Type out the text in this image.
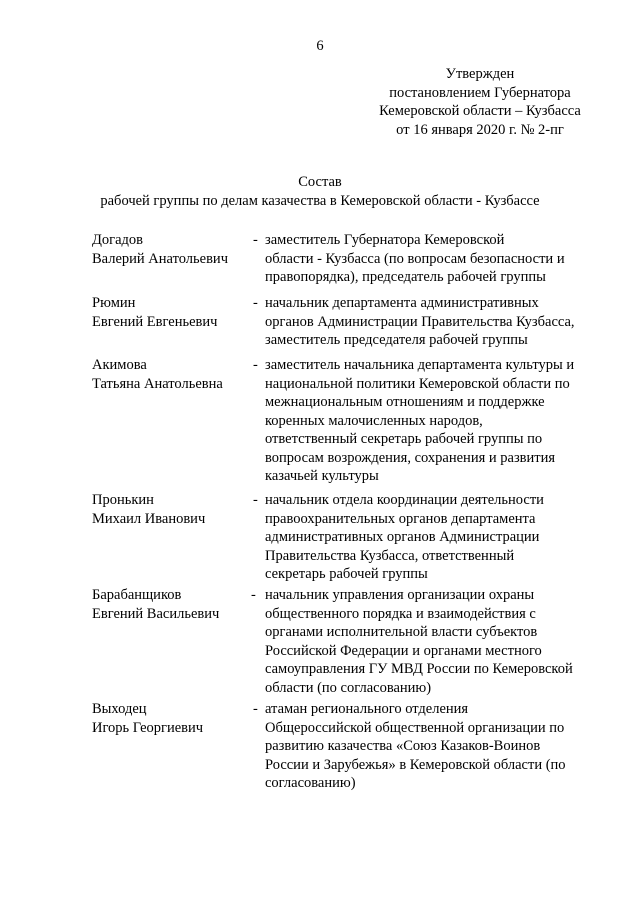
6
Утвержден
постановлением Губернатора
Кемеровской области – Кузбасса
от 16 января 2020 г. № 2-пг
Состав
рабочей группы по делам казачества в Кемеровской области - Кузбассе
Догадов
Валерий Анатольевич
- заместитель Губернатора Кемеровской
области - Кузбасса (по вопросам безопасности и
правопорядка), председатель рабочей группы
Рюмин
Евгений Евгеньевич
- начальник департамента административных
органов Администрации Правительства Кузбасса,
заместитель председателя рабочей группы
Акимова
Татьяна Анатольевна
- заместитель начальника департамента культуры и
национальной политики Кемеровской области по
межнациональным отношениям и поддержке
коренных малочисленных народов,
ответственный секретарь рабочей группы по
вопросам возрождения, сохранения и развития
казачьей культуры
Пронькин
Михаил Иванович
- начальник отдела координации деятельности
правоохранительных органов департамента
административных органов Администрации
Правительства Кузбасса, ответственный
секретарь рабочей группы
Барабанщиков
Евгений Васильевич
- начальник управления организации охраны
общественного порядка и взаимодействия с
органами исполнительной власти субъектов
Российской Федерации и органами местного
самоуправления ГУ МВД России по Кемеровской
области (по согласованию)
Выходец
Игорь Георгиевич
- атаман регионального отделения
Общероссийской общественной организации по
развитию казачества «Союз Казаков-Воинов
России и Зарубежья» в Кемеровской области (по
согласованию)
